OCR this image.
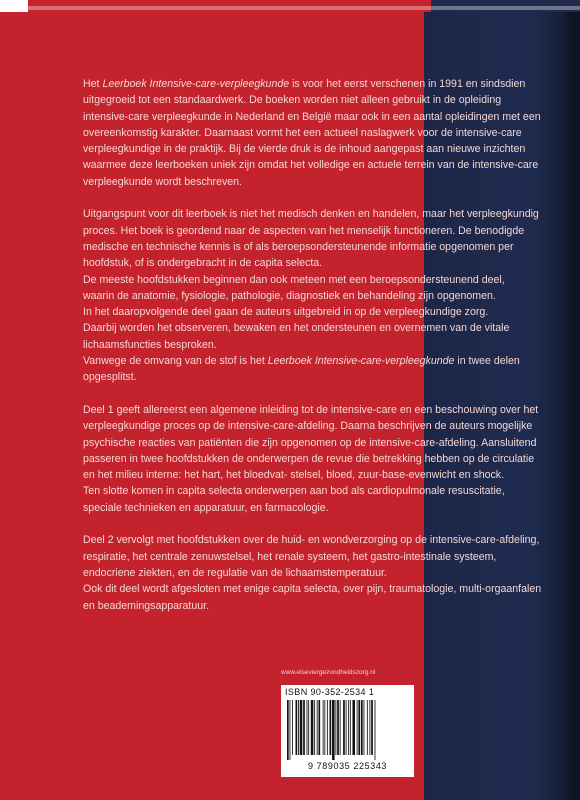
Het Leerboek Intensive-care-verpleegkunde is voor het eerst verschenen in 1991 en sindsdien

uitgegroeid tot een standaardwerk. De boeken worden niet alleen gebruikt in de opleiding

intensive-care verpleegkunde in Nederland en België maar ook in een aantal opleidingen met een

overeenkomstig karakter. Daarnaast vormt het een actueel naslagwerk voor de intensive-care

verpleegkundige in de praktijk. Bij de vierde druk is de inhoud aangepast aan nieuwe inzichten

waarmee deze leerboeken uniek zijn omdat het volledige en actuele terrein van de intensive-care

verpleegkunde wordt beschreven.

Uitgangspunt voor dit leerboek is niet het medisch denken en handelen, maar het verpleegkundig

proces. Het boek is geordend naar de aspecten van het menselijk functioneren. De benodigde

medische en technische kennis is of als beroepsondersteunende informatie opgenomen per

hoofdstuk, of is ondergebracht in de capita selecta.

De meeste hoofdstukken beginnen dan ook meteen met een beroepsondersteunend deel,

waarin de anatomie, fysiologie, pathologie, diagnostiek en behandeling zijn opgenomen.

In het daaropvolgende deel gaan de auteurs uitgebreid in op de verpleegkundige zorg.

Daarbij worden het observeren, bewaken en het ondersteunen en overnemen van de vitale

lichaamsfuncties besproken.

Vanwege de omvang van de stof is het Leerboek Intensive-care-verpleegkunde in twee delen

opgesplitst.

Deel 1 geeft allereerst een algemene inleiding tot de intensive-care en een beschouwing over het

verpleegkundige proces op de intensive-care-afdeling. Daarna beschrijven de auteurs mogelijke

psychische reacties van patiënten die zijn opgenomen op de intensive-care-afdeling. Aansluitend

passeren in twee hoofdstukken de onderwerpen de revue die betrekking hebben op de circulatie

en het milieu interne: het hart, het bloedvat- stelsel, bloed, zuur-base-evenwicht en shock.

Ten slotte komen in capita selecta onderwerpen aan bod als cardiopulmonale resuscitatie,

speciale technieken en apparatuur, en farmacologie.

Deel 2 vervolgt met hoofdstukken over de huid- en wondverzorging op de intensive-care-afdeling,

respiratie, het centrale zenuwstelsel, het renale systeem, het gastro-intestinale systeem,

endocriene ziekten, en de regulatie van de lichaamstemperatuur.

Ook dit deel wordt afgesloten met enige capita selecta, over pijn, traumatologie, multi-orgaanfalen

en beademingsapparatuur.

www.elseviergezondheidszorg.nl
ISBN 90-352-2534 1
9 789035 225343
